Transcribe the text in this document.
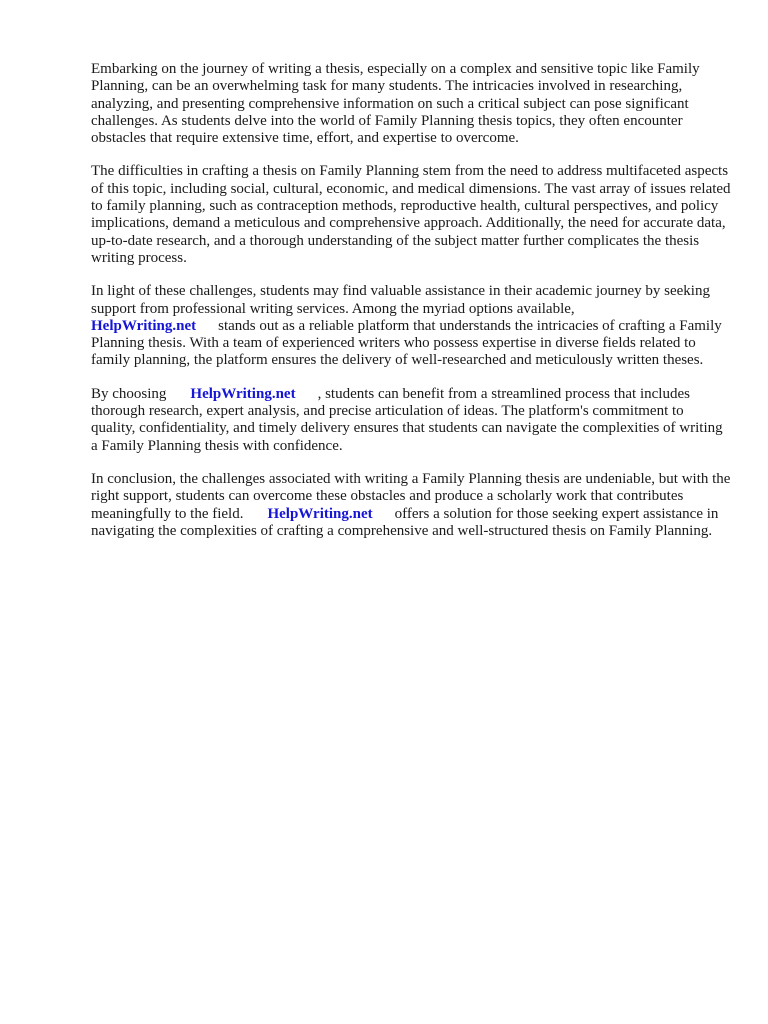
Embarking on the journey of writing a thesis, especially on a complex and sensitive topic like Family Planning, can be an overwhelming task for many students. The intricacies involved in researching, analyzing, and presenting comprehensive information on such a critical subject can pose significant challenges. As students delve into the world of Family Planning thesis topics, they often encounter obstacles that require extensive time, effort, and expertise to overcome.

The difficulties in crafting a thesis on Family Planning stem from the need to address multifaceted aspects of this topic, including social, cultural, economic, and medical dimensions. The vast array of issues related to family planning, such as contraception methods, reproductive health, cultural perspectives, and policy implications, demand a meticulous and comprehensive approach. Additionally, the need for accurate data, up-to-date research, and a thorough understanding of the subject matter further complicates the thesis writing process.

In light of these challenges, students may find valuable assistance in their academic journey by seeking support from professional writing services. Among the myriad options available,
HelpWriting.net stands out as a reliable platform that understands the intricacies of crafting a Family Planning thesis. With a team of experienced writers who possess expertise in diverse fields related to family planning, the platform ensures the delivery of well-researched and meticulously written theses.

By choosing HelpWriting.net , students can benefit from a streamlined process that includes thorough research, expert analysis, and precise articulation of ideas. The platform's commitment to quality, confidentiality, and timely delivery ensures that students can navigate the complexities of writing a Family Planning thesis with confidence.

In conclusion, the challenges associated with writing a Family Planning thesis are undeniable, but with the right support, students can overcome these obstacles and produce a scholarly work that contributes meaningfully to the field. HelpWriting.net offers a solution for those seeking expert assistance in navigating the complexities of crafting a comprehensive and well-structured thesis on Family Planning.
